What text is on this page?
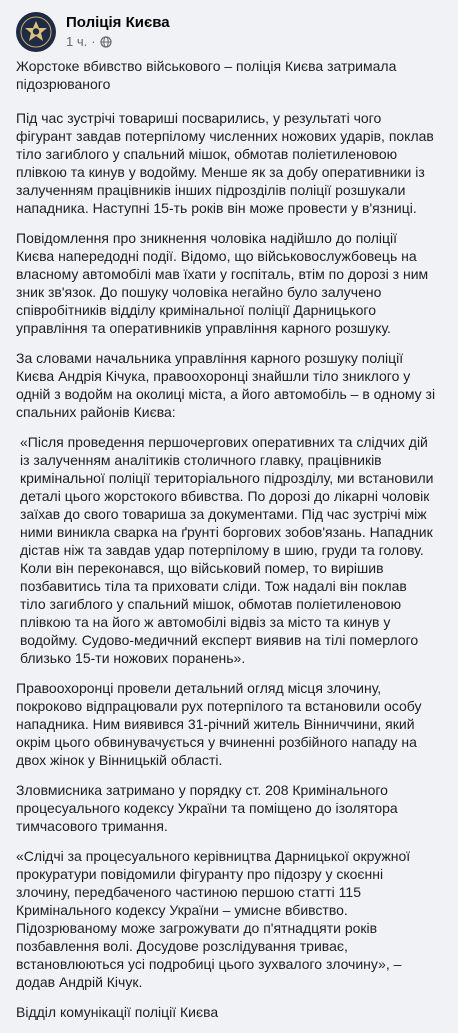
Поліція Києва
1 ч. ·

Жорстоке вбивство військового – поліція Києва затримала підозрюваного

Під час зустрічі товариші посварились, у результаті чого фігурант завдав потерпілому численних ножових ударів, поклав тіло загиблого у спальний мішок, обмотав поліетиленовою плівкою та кинув у водойму. Менше як за добу оперативники із залученням працівників інших підрозділів поліції розшукали нападника. Наступні 15-ть років він може провести у в'язниці.

Повідомлення про зникнення чоловіка надійшло до поліції Києва напередодні події. Відомо, що військовослужбовець на власному автомобілі мав їхати у госпіталь, втім по дорозі з ним зник зв'язок. До пошуку чоловіка негайно було залучено співробітників відділу кримінальної поліції Дарницького управління та оперативників управління карного розшуку.

За словами начальника управління карного розшуку поліції Києва Андрія Кічука, правоохоронці знайшли тіло зниклого у одній з водойм на околиці міста, а його автомобіль – в одному зі спальних районів Києва:

«Після проведення першочергових оперативних та слідчих дій із залученням аналітиків столичного главку, працівників кримінальної поліції територіального підрозділу, ми встановили деталі цього жорстокого вбивства. По дорозі до лікарні чоловік заїхав до свого товариша за документами. Під час зустрічі між ними виникла сварка на ґрунті боргових зобов'язань. Нападник дістав ніж та завдав удар потерпілому в шию, груди та голову. Коли він переконався, що військовий помер, то вирішив позбавитись тіла та приховати сліди. Тож надалі він поклав тіло загиблого у спальний мішок, обмотав поліетиленовою плівкою та на його ж автомобілі відвіз за місто та кинув у водойму. Судово-медичний експерт виявив на тілі померлого близько 15-ти ножових поранень».

Правоохоронці провели детальний огляд місця злочину, покроково відпрацювали рух потерпілого та встановили особу нападника. Ним виявився 31-річний житель Вінниччини, який окрім цього обвинувачується у вчиненні розбійного нападу на двох жінок у Вінницькій області.

Зловмисника затримано у порядку ст. 208 Кримінального процесуального кодексу України та поміщено до ізолятора тимчасового тримання.

«Слідчі за процесуального керівництва Дарницької окружної прокуратури повідомили фігуранту про підозру у скоєнні злочину, передбаченого частиною першою статті 115 Кримінального кодексу України – умисне вбивство. Підозрюваному може загрожувати до п'ятнадцяти років позбавлення волі. Досудове розслідування триває, встановлюються усі подробиці цього зухвалого злочину», – додав Андрій Кічук.

Відділ комунікації поліції Києва
